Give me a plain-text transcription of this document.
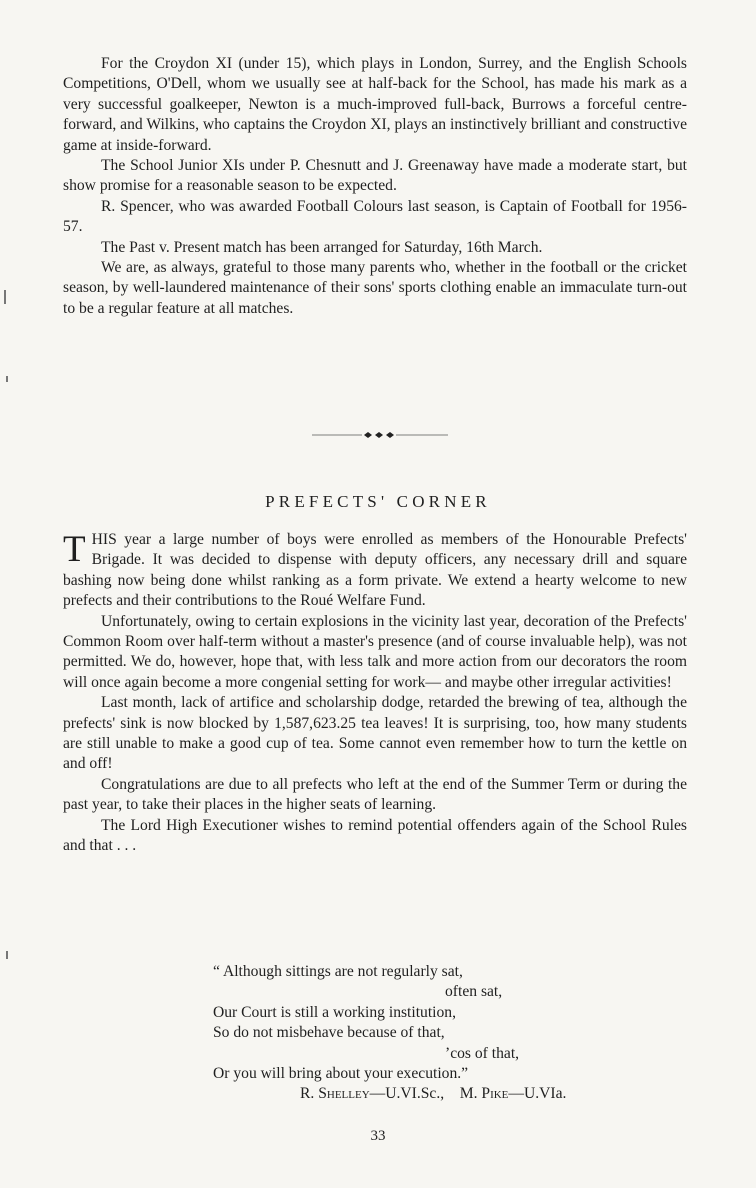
For the Croydon XI (under 15), which plays in London, Surrey, and the English Schools Competitions, O'Dell, whom we usually see at half-back for the School, has made his mark as a very successful goalkeeper, Newton is a much-improved full-back, Burrows a forceful centre-forward, and Wilkins, who captains the Croydon XI, plays an instinctively brilliant and constructive game at inside-forward.

The School Junior XIs under P. Chesnutt and J. Greenaway have made a moderate start, but show promise for a reasonable season to be expected.

R. Spencer, who was awarded Football Colours last season, is Captain of Football for 1956-57.

The Past v. Present match has been arranged for Saturday, 16th March.

We are, as always, grateful to those many parents who, whether in the football or the cricket season, by well-laundered maintenance of their sons' sports clothing enable an immaculate turn-out to be a regular feature at all matches.

PREFECTS' CORNER

THIS year a large number of boys were enrolled as members of the Honourable Prefects' Brigade. It was decided to dispense with deputy officers, any necessary drill and square bashing now being done whilst ranking as a form private. We extend a hearty welcome to new prefects and their contributions to the Roué Welfare Fund.

Unfortunately, owing to certain explosions in the vicinity last year, decoration of the Prefects' Common Room over half-term without a master's presence (and of course invaluable help), was not permitted. We do, however, hope that, with less talk and more action from our decorators the room will once again become a more congenial setting for work— and maybe other irregular activities!

Last month, lack of artifice and scholarship dodge, retarded the brewing of tea, although the prefects' sink is now blocked by 1,587,623.25 tea leaves! It is surprising, too, how many students are still unable to make a good cup of tea. Some cannot even remember how to turn the kettle on and off!

Congratulations are due to all prefects who left at the end of the Summer Term or during the past year, to take their places in the higher seats of learning.

The Lord High Executioner wishes to remind potential offenders again of the School Rules and that . . .

“ Although sittings are not regularly sat,
often sat,
Our Court is still a working institution,
So do not misbehave because of that,
’cos of that,
Or you will bring about your execution.”
R. Shelley—U.VI.Sc., M. Pike—U.VIa.
33
